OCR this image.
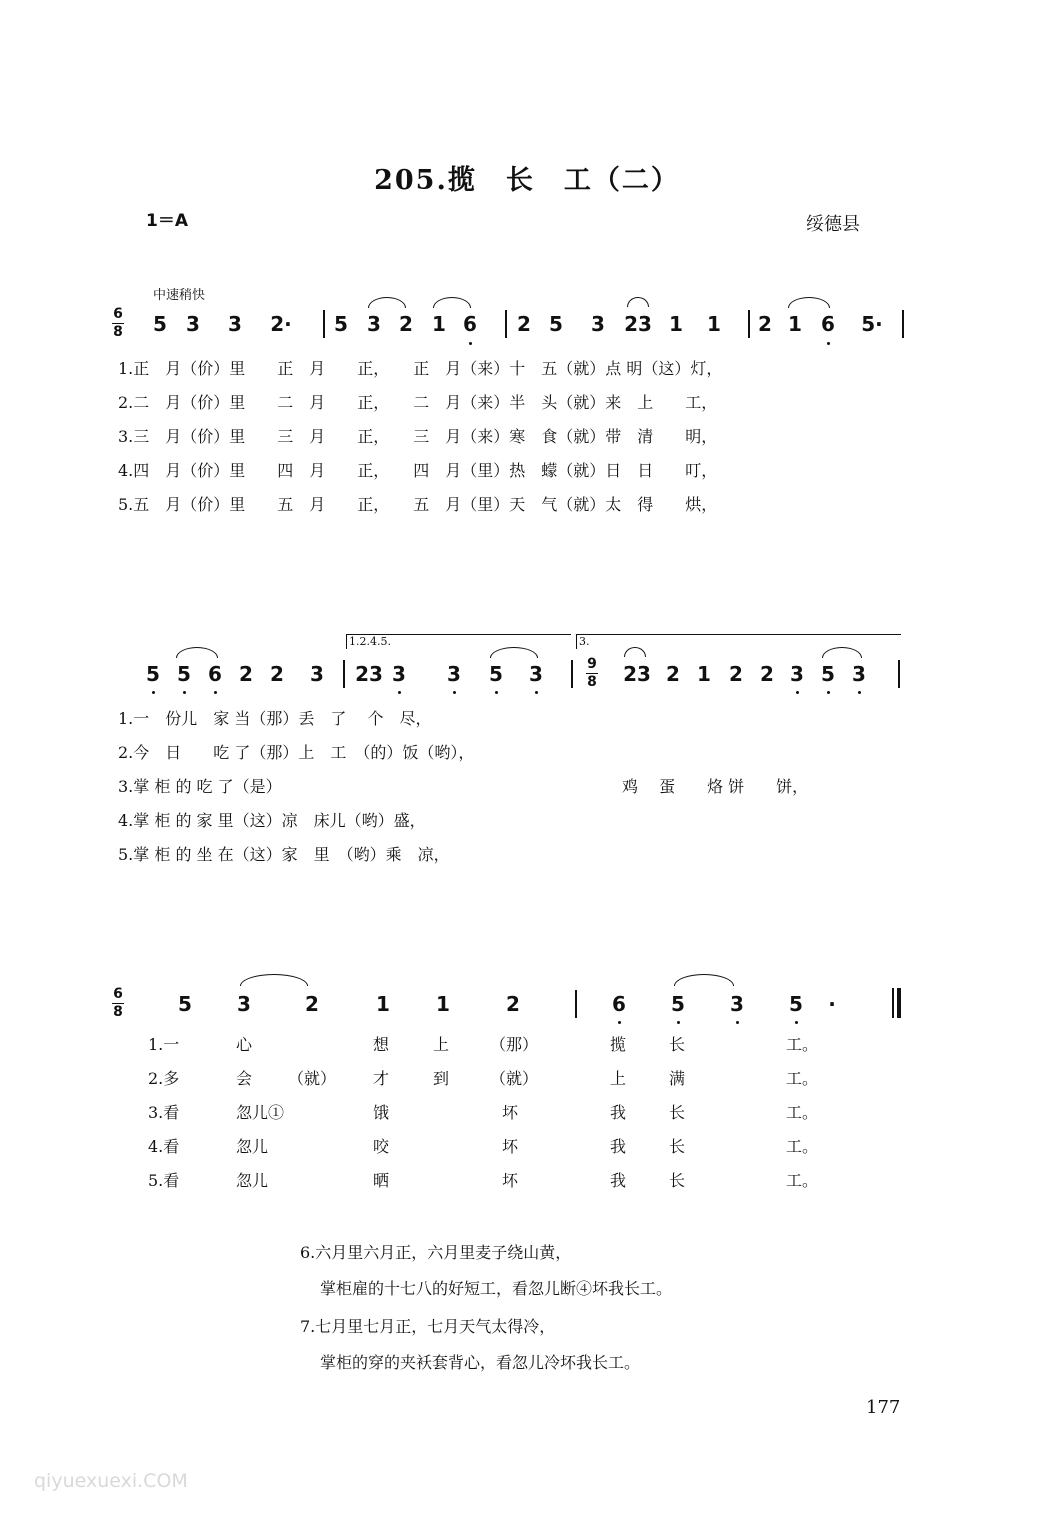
205.揽　长　工（二）
1＝A	绥德县
中速稍快
6
8 5 3 3 2· 5 3 2 1 6 2 5 3 23 1 1 2 1 6 5·
1.正　月（价）里　　正　月　　正，　　正　月（来）十　五（就）点 明（这）灯，
2.二　月（价）里　　二　月　　正，　　二　月（来）半　头（就）来　上　　工，
3.三　月（价）里　　三　月　　正，　　三　月（来）寒　食（就）带　清　　明，
4.四　月（价）里　　四　月　　正，　　四　月（里）热　蠓（就）日　日　　叮，
5.五　月（价）里　　五　月　　正，　　五　月（里）天　气（就）太　得　　烘，
1.2.4.5.	3.
5 5 6 2 2 3 23 3 3 5 3	23 2 1 2 2 3 5 3
9
8
1.一　份儿　家 当（那）丢　了　 个　尽，
2.今　日　　吃 了（那）上　工　（的）饭（哟），
3.掌 柜 的 吃 了（是）	鸡　 蛋　　烙 饼　　饼，
4.掌 柜 的 家 里（这）凉　床儿（哟）盛，
5.掌 柜 的 坐 在（这）家　里　（哟）乘　凉，
6
8	5 3	2	1 1	2	6 5 3 5	·
1.一	心	想	上	（那）	揽	长	工。
2.多	会 （就） 才	到	（就）	上	满	工。
3.看	忽儿①	饿	坏	我	长	工。
4.看	忽儿	咬	坏	我	长	工。
5.看	忽儿	晒	坏	我	长	工。
6.六月里六月正，六月里麦子绕山黄，
掌柜雇的十七八的好短工，看忽儿断④坏我长工。
7.七月里七月正，七月天气太得冷，
掌柜的穿的夹袄套背心，看忽儿冷坏我长工。
177
qiyuexuexi.COM
